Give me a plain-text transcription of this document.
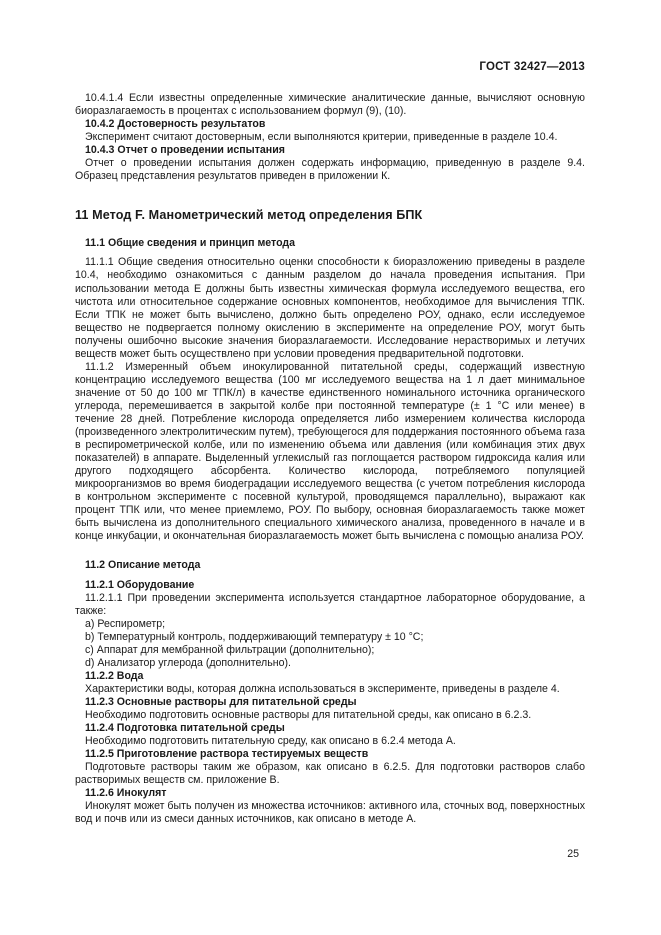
ГОСТ 32427—2013

10.4.1.4 Если известны определенные химические аналитические данные, вычисляют основную биоразлагаемость в процентах с использованием формул (9), (10).

10.4.2 Достоверность результатов

Эксперимент считают достоверным, если выполняются критерии, приведенные в разделе 10.4.

10.4.3 Отчет о проведении испытания

Отчет о проведении испытания должен содержать информацию, приведенную в разделе 9.4. Образец представления результатов приведен в приложении К.

11 Метод F. Манометрический метод определения БПК

11.1 Общие сведения и принцип метода

11.1.1 Общие сведения относительно оценки способности к биоразложению приведены в разделе 10.4, необходимо ознакомиться с данным разделом до начала проведения испытания. При использовании метода E должны быть известны химическая формула исследуемого вещества, его чистота или относительное содержание основных компонентов, необходимое для вычисления ТПК. Если ТПК не может быть вычислено, должно быть определено РОУ, однако, если исследуемое вещество не подвергается полному окислению в эксперименте на определение РОУ, могут быть получены ошибочно высокие значения биоразлагаемости. Исследование нерастворимых и летучих веществ может быть осуществлено при условии проведения предварительной подготовки.

11.1.2 Измеренный объем инокулированной питательной среды, содержащий известную концентрацию исследуемого вещества (100 мг исследуемого вещества на 1 л дает минимальное значение от 50 до 100 мг ТПК/л) в качестве единственного номинального источника органического углерода, перемешивается в закрытой колбе при постоянной температуре (± 1 °С или менее) в течение 28 дней. Потребление кислорода определяется либо измерением количества кислорода (произведенного электролитическим путем), требующегося для поддержания постоянного объема газа в респирометрической колбе, или по изменению объема или давления (или комбинация этих двух показателей) в аппарате. Выделенный углекислый газ поглощается раствором гидроксида калия или другого подходящего абсорбента. Количество кислорода, потребляемого популяцией микроорганизмов во время биодеградации исследуемого вещества (с учетом потребления кислорода в контрольном эксперименте с посевной культурой, проводящемся параллельно), выражают как процент ТПК или, что менее приемлемо, РОУ. По выбору, основная биоразлагаемость также может быть вычислена из дополнительного специального химического анализа, проведенного в начале и в конце инкубации, и окончательная биоразлагаемость может быть вычислена с помощью анализа РОУ.

11.2 Описание метода

11.2.1 Оборудование

11.2.1.1 При проведении эксперимента используется стандартное лабораторное оборудование, а также:

a) Респирометр;

b) Температурный контроль, поддерживающий температуру ± 10 °С;

c) Аппарат для мембранной фильтрации (дополнительно);

d) Анализатор углерода (дополнительно).

11.2.2 Вода

Характеристики воды, которая должна использоваться в эксперименте, приведены в разделе 4.

11.2.3 Основные растворы для питательной среды

Необходимо подготовить основные растворы для питательной среды, как описано в 6.2.3.

11.2.4 Подготовка питательной среды

Необходимо подготовить питательную среду, как описано в 6.2.4 метода А.

11.2.5 Приготовление раствора тестируемых веществ

Подготовьте растворы таким же образом, как описано в 6.2.5. Для подготовки растворов слабо растворимых веществ см. приложение B.

11.2.6 Инокулят

Инокулят может быть получен из множества источников: активного ила, сточных вод, поверхностных вод и почв или из смеси данных источников, как описано в методе А.

25
